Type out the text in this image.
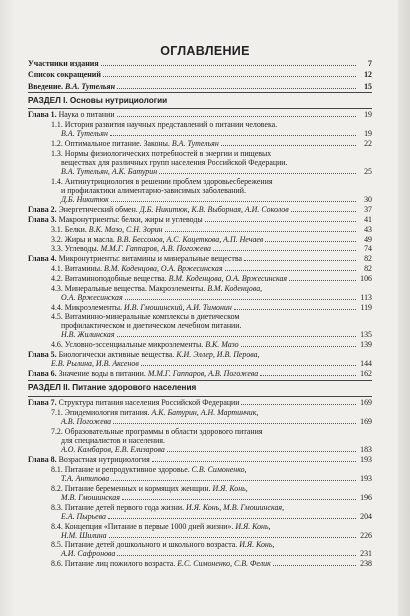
ОГЛАВЛЕНИЕ
Участники издания	7
Список сокращений	12
Введение. В.А. Тутельян	15
РАЗДЕЛ I. Основы нутрициологии
Глава 1. Наука о питании	19
1.1. История развития научных представлений о питании человека.
В.А. Тутельян	19
1.2. Оптимальное питание. Законы. В.А. Тутельян	22
1.3. Нормы физиологических потребностей в энергии и пищевых
веществах для различных групп населения Российской Федерации.
В.А. Тутельян, А.К. Батурин	25
1.4. Антинутрициология в решении проблем здоровьесбережения
и профилактики алиментарно-зависимых заболеваний.
Д.Б. Никитюк	30
Глава 2. Энергетический обмен. Д.Б. Никитюк, К.В. Выборная, А.И. Соколов	37
Глава 3. Макронутриенты: белки, жиры и углеводы	41
3.1. Белки. В.К. Мазо, С.Н. Зорин	43
3.2. Жиры и масла. В.В. Бессонов, А.С. Коцеткова, А.П. Нечаев	49
3.3. Углеводы. М.М.Г. Гаппаров, А.В. Погожева	74
Глава 4. Микронутриенты: витамины и минеральные вещества	82
4.1. Витамины. В.М. Коденцова, О.А. Вржесинская	82
4.2. Витаминоподобные вещества. В.М. Коденцова, О.А. Вржесинская	106
4.3. Минеральные вещества. Макроэлементы. В.М. Коденцова,
О.А. Вржесинская	113
4.4. Микроэлементы. И.В. Гмошинский, А.И. Тимонин	119
4.5. Витаминно-минеральные комплексы в диетическом
профилактическом и диетическом лечебном питании.
Н.В. Жилинская	135
4.6. Условно-эссенциальные микроэлементы. В.К. Мазо	139
Глава 5. Биологически активные вещества. К.И. Эллер, И.В. Перова,
Е.В. Рылина, И.В. Аксенов	144
Глава 6. Значение воды в питании. М.М.Г. Гаппаров, А.В. Погожева	162
РАЗДЕЛ II. Питание здорового населения
Глава 7. Структура питания населения Российской Федерации	169
7.1. Эпидемиология питания. А.К. Батурин, А.Н. Мартинчик,
А.В. Погожева	169
7.2. Образовательные программы в области здорового питания
для специалистов и населения.
А.О. Камбаров, Е.В. Елизарова	183
Глава 8. Возрастная нутрициология	193
8.1. Питание и репродуктивное здоровье. С.В. Симоненко,
Т.А. Антипова	193
8.2. Питание беременных и кормящих женщин. И.Я. Конь,
М.В. Гмошинская	196
8.3. Питание детей первого года жизни. И.Я. Конь, М.В. Гмошинская,
Е.А. Пырьева	204
8.4. Концепция «Питание в первые 1000 дней жизни». И.Я. Конь,
Н.М. Шилина	226
8.5. Питание детей дошкольного и школьного возраста. И.Я. Конь,
А.И. Сафронова	231
8.6. Питание лиц пожилого возраста. Е.С. Симоненко, С.В. Фелик	238
